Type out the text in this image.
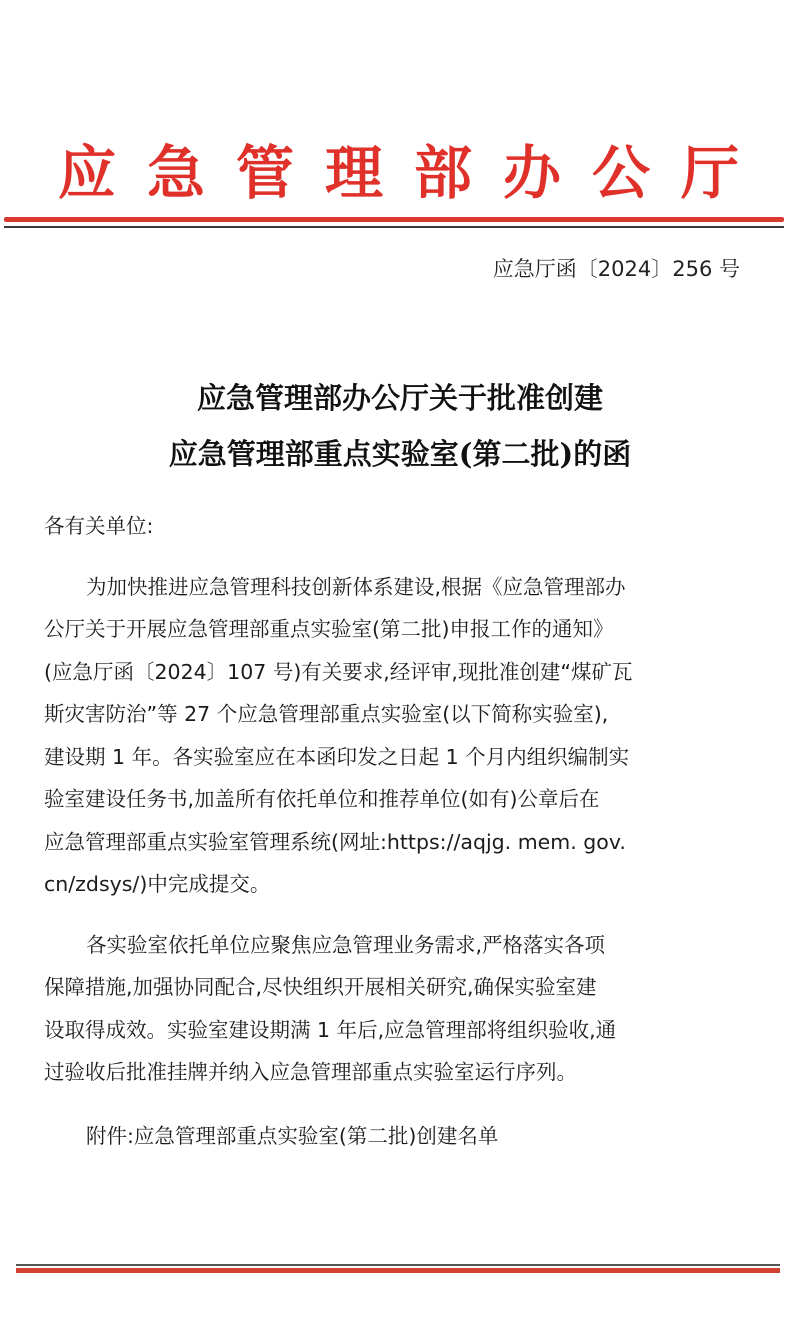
应急管理部办公厅
应急厅函〔2024〕256 号
应急管理部办公厅关于批准创建
应急管理部重点实验室(第二批)的函
各有关单位:
为加快推进应急管理科技创新体系建设,根据《应急管理部办
公厅关于开展应急管理部重点实验室(第二批)申报工作的通知》
(应急厅函〔2024〕107 号)有关要求,经评审,现批准创建“煤矿瓦
斯灾害防治”等 27 个应急管理部重点实验室(以下简称实验室),
建设期 1 年。各实验室应在本函印发之日起 1 个月内组织编制实
验室建设任务书,加盖所有依托单位和推荐单位(如有)公章后在
应急管理部重点实验室管理系统(网址:https://aqjg. mem. gov.
cn/zdsys/)中完成提交。
各实验室依托单位应聚焦应急管理业务需求,严格落实各项
保障措施,加强协同配合,尽快组织开展相关研究,确保实验室建
设取得成效。实验室建设期满 1 年后,应急管理部将组织验收,通
过验收后批准挂牌并纳入应急管理部重点实验室运行序列。
附件:应急管理部重点实验室(第二批)创建名单
